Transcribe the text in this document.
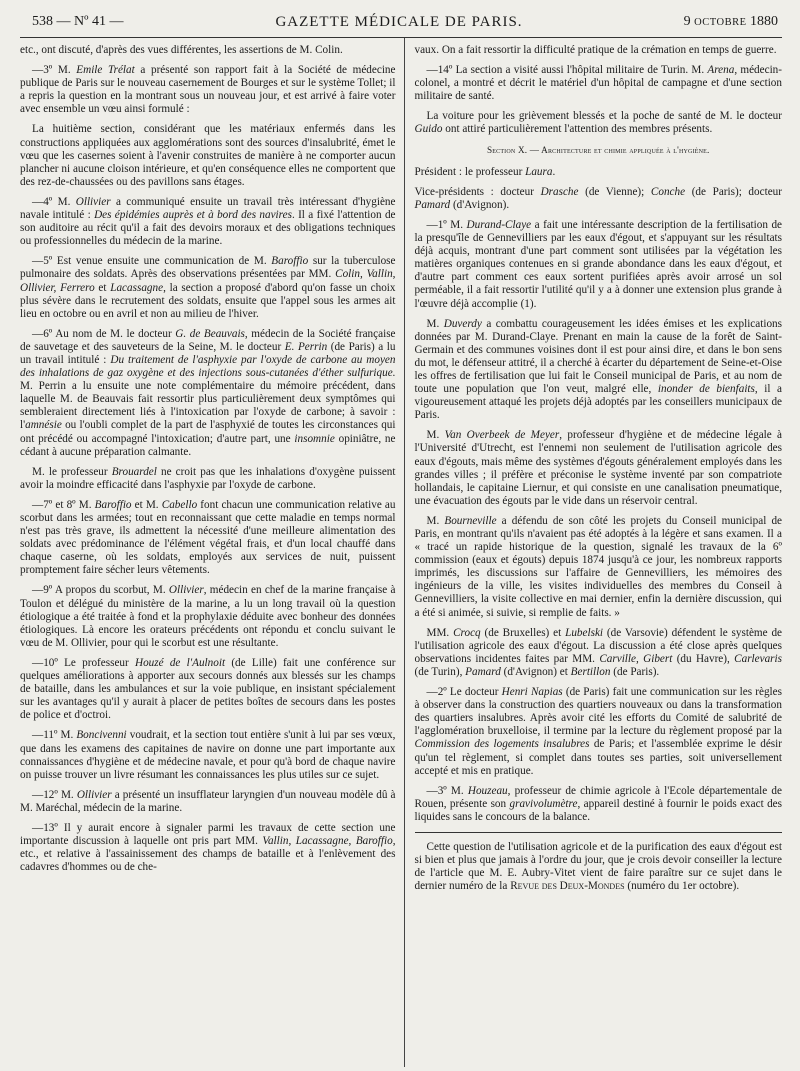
538 — Nº 41 —	GAZETTE MÉDICALE DE PARIS.	9 OCTOBRE 1880

etc., ont discuté, d'après des vues différentes, les assertions de M. Colin.

—3º M. Emile Trélat a présenté son rapport fait à la Société de médecine publique de Paris sur le nouveau casernement de Bourges et sur le système Tollet; il a repris la question en la montrant sous un nouveau jour, et est arrivé à faire voter avec ensemble un vœu ainsi formulé :

La huitième section, considérant que les matériaux enfermés dans les constructions appliquées aux agglomérations sont des sources d'insalubrité, émet le vœu que les casernes soient à l'avenir construites de manière à ne comporter aucun plancher ni aucune cloison intérieure, et qu'en conséquence elles ne comportent que des rez-de-chaussées ou des pavillons sans étages.

—4º M. Ollivier a communiqué ensuite un travail très intéressant d'hygiène navale intitulé : Des épidémies auprès et à bord des navires. Il a fixé l'attention de son auditoire au récit qu'il a fait des devoirs moraux et des obligations techniques ou professionnelles du médecin de la marine.

—5º Est venue ensuite une communication de M. Baroffio sur la tuberculose pulmonaire des soldats. Après des observations présentées par MM. Colin, Vallin, Ollivier, Ferrero et Lacassagne, la section a proposé d'abord qu'on fasse un choix plus sévère dans le recrutement des soldats, ensuite que l'appel sous les armes ait lieu en octobre ou en avril et non au milieu de l'hiver.

—6º Au nom de M. le docteur G. de Beauvais, médecin de la Société française de sauvetage et des sauveteurs de la Seine, M. le docteur E. Perrin (de Paris) a lu un travail intitulé : Du traitement de l'asphyxie par l'oxyde de carbone au moyen des inhalations de gaz oxygène et des injections sous-cutanées d'éther sulfurique. M. Perrin a lu ensuite une note complémentaire du mémoire précédent, dans laquelle M. de Beauvais fait ressortir plus particulièrement deux symptômes qui sembleraient directement liés à l'intoxication par l'oxyde de carbone; à savoir : l'amnésie ou l'oubli complet de la part de l'asphyxié de toutes les circonstances qui ont précédé ou accompagné l'intoxication; d'autre part, une insomnie opiniâtre, ne cédant à aucune préparation calmante.

M. le professeur Brouardel ne croit pas que les inhalations d'oxygène puissent avoir la moindre efficacité dans l'asphyxie par l'oxyde de carbone.

—7º et 8º M. Baroffio et M. Cabello font chacun une communication relative au scorbut dans les armées; tout en reconnaissant que cette maladie en temps normal n'est pas très grave, ils admettent la nécessité d'une meilleure alimentation des soldats avec prédominance de l'élément végétal frais, et d'un local chauffé dans chaque caserne, où les soldats, employés aux services de nuit, puissent promptement faire sécher leurs vêtements.

—9º A propos du scorbut, M. Ollivier, médecin en chef de la marine française à Toulon et délégué du ministère de la marine, a lu un long travail où la question étiologique a été traitée à fond et la prophylaxie déduite avec bonheur des données étiologiques. Là encore les orateurs précédents ont répondu et conclu suivant le vœu de M. Ollivier, pour qui le scorbut est une résultante.

—10º Le professeur Houzé de l'Aulnoit (de Lille) fait une conférence sur quelques améliorations à apporter aux secours donnés aux blessés sur les champs de bataille, dans les ambulances et sur la voie publique, en insistant spécialement sur les avantages qu'il y aurait à placer de petites boîtes de secours dans les postes de police et d'octroi.

—11º M. Boncivenni voudrait, et la section tout entière s'unit à lui par ses vœux, que dans les examens des capitaines de navire on donne une part importante aux connaissances d'hygiène et de médecine navale, et pour qu'à bord de chaque navire on puisse trouver un livre résumant les connaissances les plus utiles sur ce sujet.

—12º M. Ollivier a présenté un insufflateur laryngien d'un nouveau modèle dû à M. Maréchal, médecin de la marine.

—13º Il y aurait encore à signaler parmi les travaux de cette section une importante discussion à laquelle ont pris part MM. Vallin, Lacassagne, Baroffio, etc., et relative à l'assainissement des champs de bataille et à l'enlèvement des cadavres d'hommes ou de che-

vaux. On a fait ressortir la difficulté pratique de la crémation en temps de guerre.

—14º La section a visité aussi l'hôpital militaire de Turin. M. Arena, médecin-colonel, a montré et décrit le matériel d'un hôpital de campagne et d'une section militaire de santé.

La voiture pour les grièvement blessés et la poche de santé de M. le docteur Guido ont attiré particulièrement l'attention des membres présents.

Section X. — Architecture et chimie appliquée à l'hygiène.

Président : le professeur Laura.

Vice-présidents : docteur Drasche (de Vienne); Conche (de Paris); docteur Pamard (d'Avignon).

—1º M. Durand-Claye a fait une intéressante description de la fertilisation de la presqu'île de Gennevilliers par les eaux d'égout, et s'appuyant sur les résultats déjà acquis, montrant d'une part comment sont utilisées par la végétation les matières organiques contenues en si grande abondance dans les eaux d'égout, et d'autre part comment ces eaux sortent purifiées après avoir arrosé un sol perméable, il a fait ressortir l'utilité qu'il y a à donner une extension plus grande à l'œuvre déjà accomplie (1).

M. Duverdy a combattu courageusement les idées émises et les explications données par M. Durand-Claye. Prenant en main la cause de la forêt de Saint-Germain et des communes voisines dont il est pour ainsi dire, et dans le bon sens du mot, le défenseur attitré, il a cherché à écarter du département de Seine-et-Oise les offres de fertilisation que lui fait le Conseil municipal de Paris, et au nom de toute une population que l'on veut, malgré elle, inonder de bienfaits, il a vigoureusement attaqué les projets déjà adoptés par les conseillers municipaux de Paris.

M. Van Overbeek de Meyer, professeur d'hygiène et de médecine légale à l'Université d'Utrecht, est l'ennemi non seulement de l'utilisation agricole des eaux d'égouts, mais même des systèmes d'égouts généralement employés dans les grandes villes ; il préfère et préconise le système inventé par son compatriote hollandais, le capitaine Liernur, et qui consiste en une canalisation pneumatique, une évacuation des égouts par le vide dans un réservoir central.

M. Bourneville a défendu de son côté les projets du Conseil municipal de Paris, en montrant qu'ils n'avaient pas été adoptés à la légère et sans examen. Il a « tracé un rapide historique de la question, signalé les travaux de la 6º commission (eaux et égouts) depuis 1874 jusqu'à ce jour, les nombreux rapports imprimés, les discussions sur l'affaire de Gennevilliers, les mémoires des ingénieurs de la ville, les visites individuelles des membres du Conseil à Gennevilliers, la visite collective en mai dernier, enfin la dernière discussion, qui a été si animée, si suivie, si remplie de faits. »

MM. Crocq (de Bruxelles) et Lubelski (de Varsovie) défendent le système de l'utilisation agricole des eaux d'égout. La discussion a été close après quelques observations incidentes faites par MM. Carville, Gibert (du Havre), Carlevaris (de Turin), Pamard (d'Avignon) et Bertillon (de Paris).

—2º Le docteur Henri Napias (de Paris) fait une communication sur les règles à observer dans la construction des quartiers nouveaux ou dans la transformation des quartiers insalubres. Après avoir cité les efforts du Comité de salubrité de l'agglomération bruxelloise, il termine par la lecture du règlement proposé par la Commission des logements insalubres de Paris; et l'assemblée exprime le désir qu'un tel règlement, si complet dans toutes ses parties, soit universellement accepté et mis en pratique.

—3º M. Houzeau, professeur de chimie agricole à l'Ecole départementale de Rouen, présente son gravivolumètre, appareil destiné à fournir le poids exact des liquides sans le concours de la balance.

Cette question de l'utilisation agricole et de la purification des eaux d'égout est si bien et plus que jamais à l'ordre du jour, que je crois devoir conseiller la lecture de l'article que M. E. Aubry-Vitet vient de faire paraître sur ce sujet dans le dernier numéro de la Revue des Deux-Mondes (numéro du 1er octobre).
